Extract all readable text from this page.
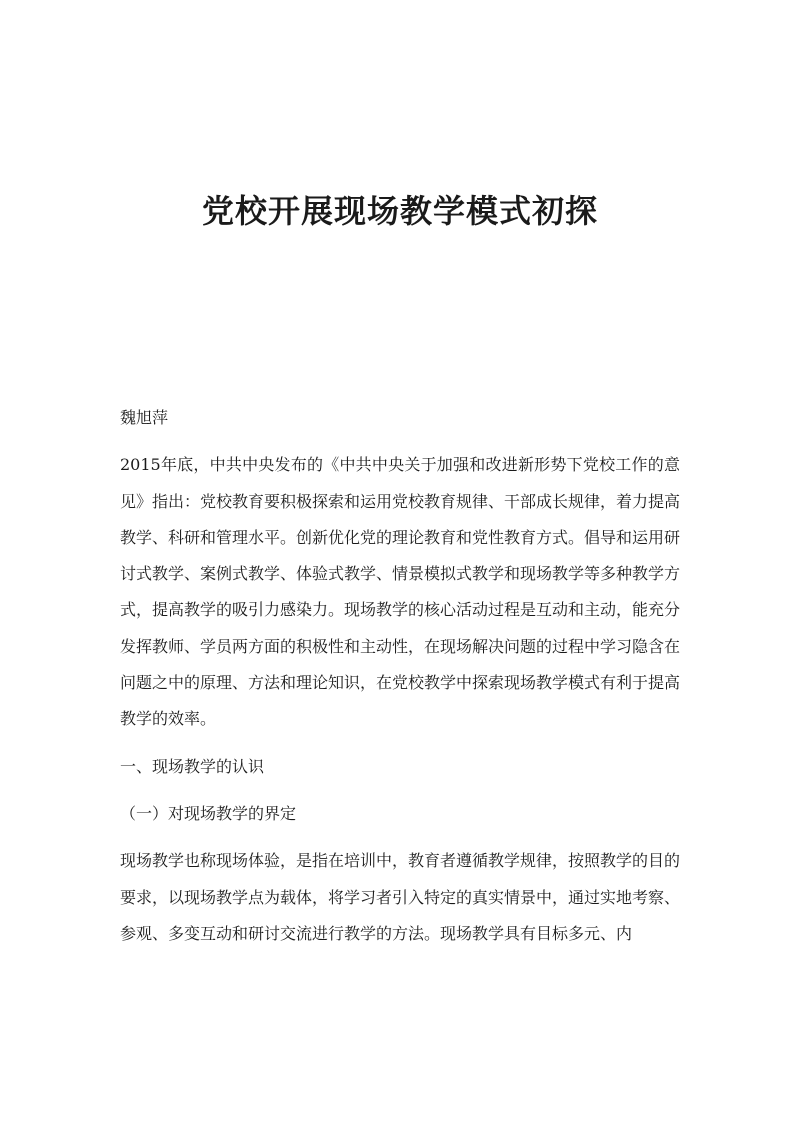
党校开展现场教学模式初探

魏旭萍

2015年底，中共中央发布的《中共中央关于加强和改进新形势下党校工作的意见》指出：党校教育要积极探索和运用党校教育规律、干部成长规律，着力提高教学、科研和管理水平。创新优化党的理论教育和党性教育方式。倡导和运用研讨式教学、案例式教学、体验式教学、情景模拟式教学和现场教学等多种教学方式，提高教学的吸引力感染力。现场教学的核心活动过程是互动和主动，能充分发挥教师、学员两方面的积极性和主动性，在现场解决问题的过程中学习隐含在问题之中的原理、方法和理论知识，在党校教学中探索现场教学模式有利于提高教学的效率。

一、现场教学的认识

（一）对现场教学的界定

现场教学也称现场体验，是指在培训中，教育者遵循教学规律，按照教学的目的要求，以现场教学点为载体，将学习者引入特定的真实情景中，通过实地考察、参观、多变互动和研讨交流进行教学的方法。现场教学具有目标多元、内
